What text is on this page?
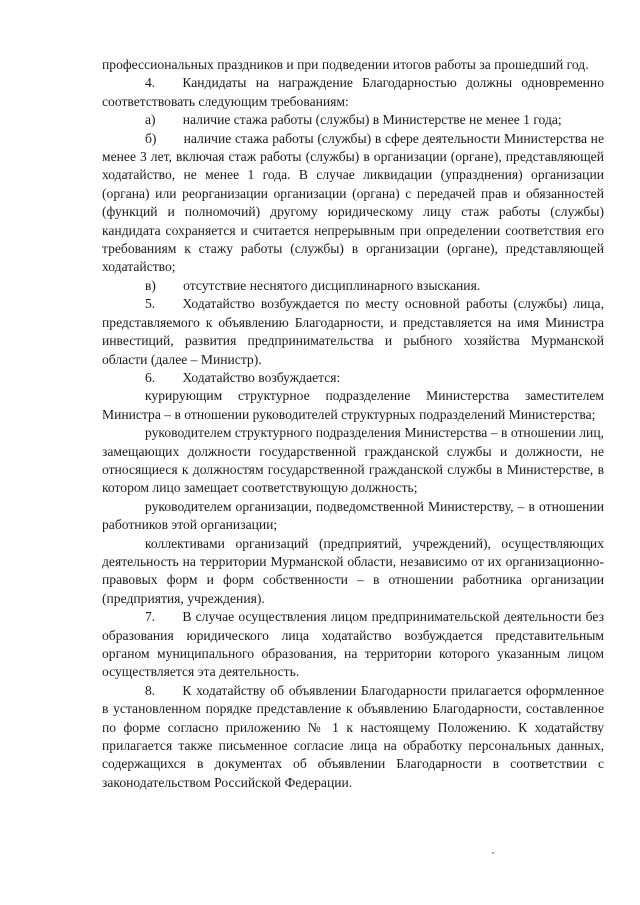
профессиональных праздников и при подведении итогов работы за прошедший год.

4.  Кандидаты на награждение Благодарностью должны одновременно соответствовать следующим требованиям:

а)  наличие стажа работы (службы) в Министерстве не менее 1 года;

б)  наличие стажа работы (службы) в сфере деятельности Министерства не менее 3 лет, включая стаж работы (службы) в организации (органе), представляющей ходатайство, не менее 1 года. В случае ликвидации (упразднения) организации (органа) или реорганизации организации (органа) с передачей прав и обязанностей (функций и полномочий) другому юридическому лицу стаж работы (службы) кандидата сохраняется и считается непрерывным при определении соответствия его требованиям к стажу работы (службы) в организации (органе), представляющей ходатайство;

в)  отсутствие неснятого дисциплинарного взыскания.

5.  Ходатайство возбуждается по месту основной работы (службы) лица, представляемого к объявлению Благодарности, и представляется на имя Министра инвестиций, развития предпринимательства и рыбного хозяйства Мурманской области (далее – Министр).

6.  Ходатайство возбуждается:

курирующим структурное подразделение Министерства заместителем Министра – в отношении руководителей структурных подразделений Министерства;

руководителем структурного подразделения Министерства – в отношении лиц, замещающих должности государственной гражданской службы и должности, не относящиеся к должностям государственной гражданской службы в Министерстве, в котором лицо замещает соответствующую должность;

руководителем организации, подведомственной Министерству, – в отношении работников этой организации;

коллективами организаций (предприятий, учреждений), осуществляющих деятельность на территории Мурманской области, независимо от их организационно-правовых форм и форм собственности – в отношении работника организации (предприятия, учреждения).

7.  В случае осуществления лицом предпринимательской деятельности без образования юридического лица ходатайство возбуждается представительным органом муниципального образования, на территории которого указанным лицом осуществляется эта деятельность.

8.  К ходатайству об объявлении Благодарности прилагается оформленное в установленном порядке представление к объявлению Благодарности, составленное по форме согласно приложению № 1 к настоящему Положению. К ходатайству прилагается также письменное согласие лица на обработку персональных данных, содержащихся в документах об объявлении Благодарности в соответствии с законодательством Российской Федерации.
